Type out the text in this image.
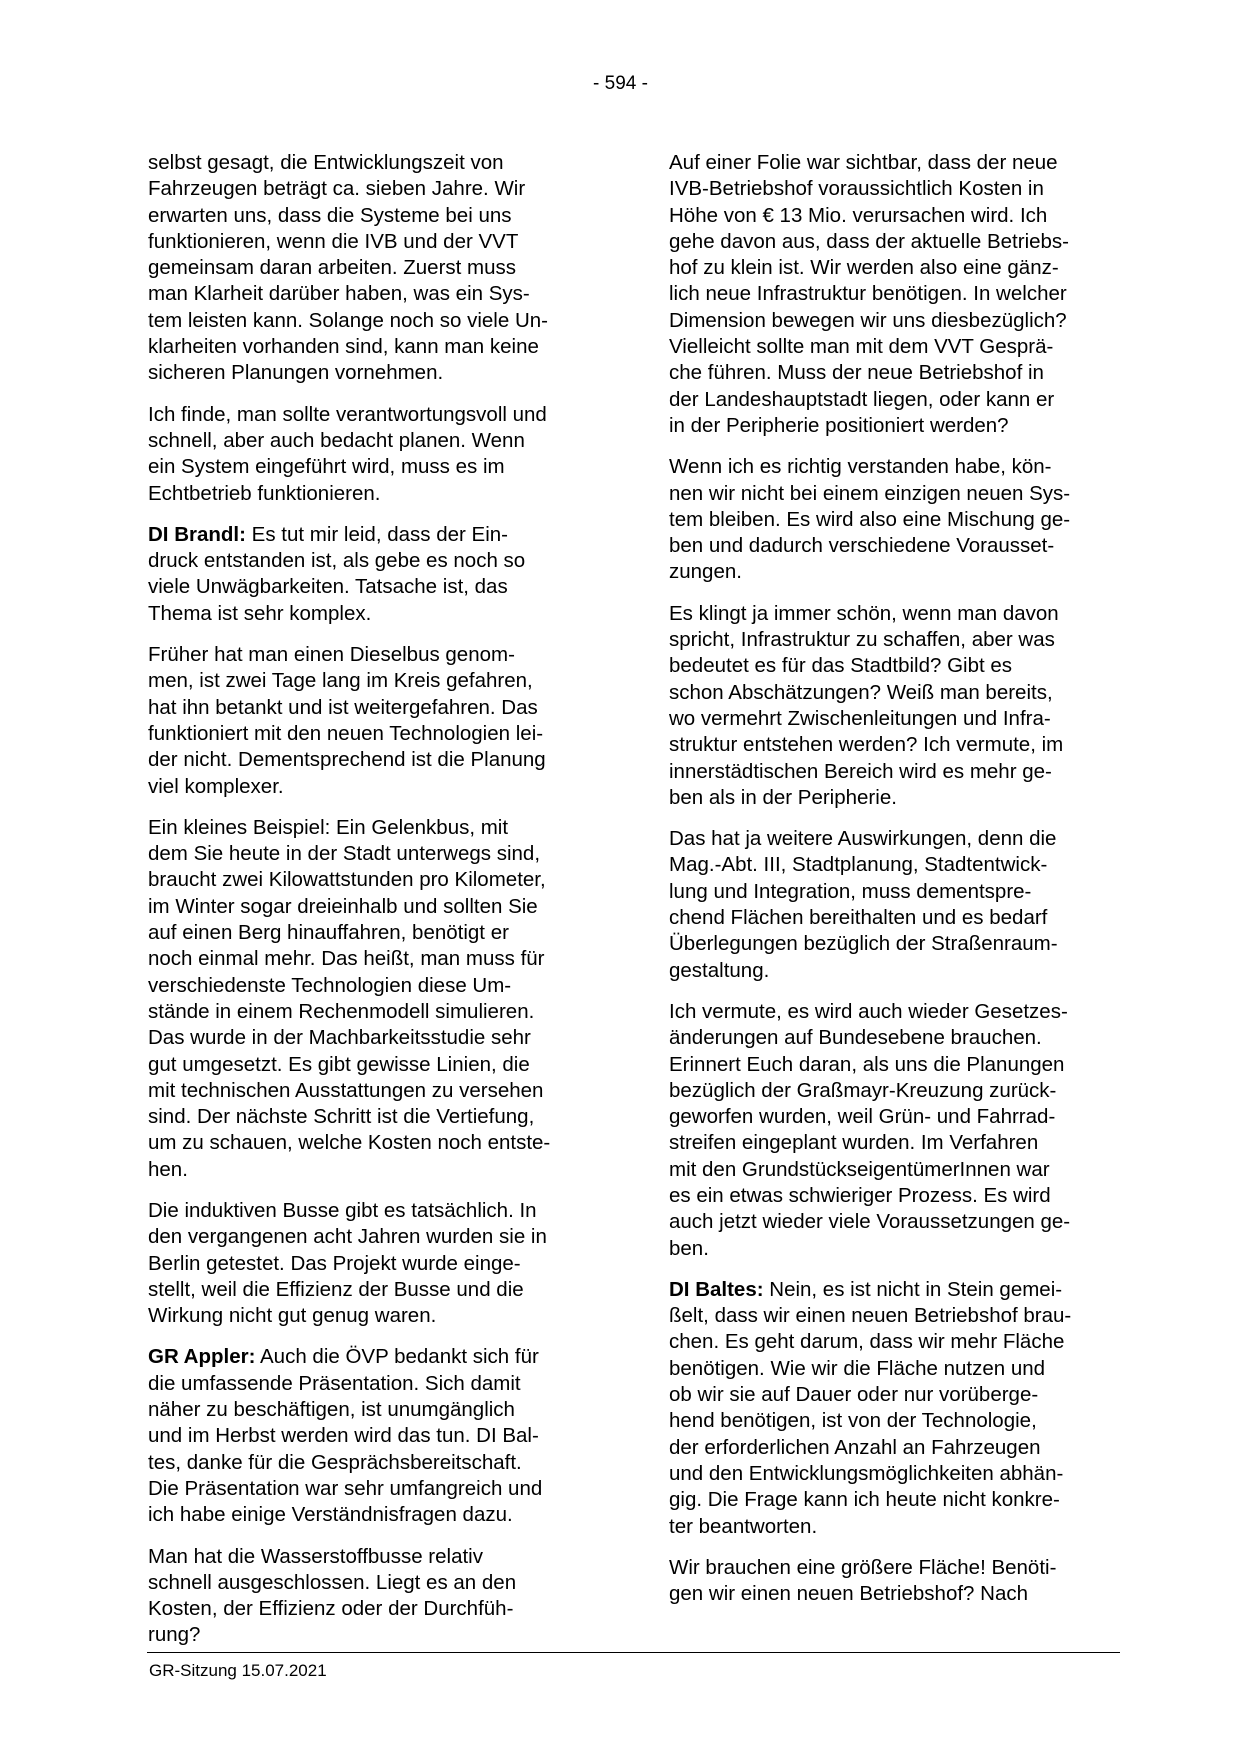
- 594 -

selbst gesagt, die Entwicklungszeit von
Fahrzeugen beträgt ca. sieben Jahre. Wir
erwarten uns, dass die Systeme bei uns
funktionieren, wenn die IVB und der VVT
gemeinsam daran arbeiten. Zuerst muss
man Klarheit darüber haben, was ein Sys-
tem leisten kann. Solange noch so viele Un-
klarheiten vorhanden sind, kann man keine
sicheren Planungen vornehmen.

Ich finde, man sollte verantwortungsvoll und
schnell, aber auch bedacht planen. Wenn
ein System eingeführt wird, muss es im
Echtbetrieb funktionieren.

DI Brandl: Es tut mir leid, dass der Ein-
druck entstanden ist, als gebe es noch so
viele Unwägbarkeiten. Tatsache ist, das
Thema ist sehr komplex.

Früher hat man einen Dieselbus genom-
men, ist zwei Tage lang im Kreis gefahren,
hat ihn betankt und ist weitergefahren. Das
funktioniert mit den neuen Technologien lei-
der nicht. Dementsprechend ist die Planung
viel komplexer.

Ein kleines Beispiel: Ein Gelenkbus, mit
dem Sie heute in der Stadt unterwegs sind,
braucht zwei Kilowattstunden pro Kilometer,
im Winter sogar dreieinhalb und sollten Sie
auf einen Berg hinauffahren, benötigt er
noch einmal mehr. Das heißt, man muss für
verschiedenste Technologien diese Um-
stände in einem Rechenmodell simulieren.
Das wurde in der Machbarkeitsstudie sehr
gut umgesetzt. Es gibt gewisse Linien, die
mit technischen Ausstattungen zu versehen
sind. Der nächste Schritt ist die Vertiefung,
um zu schauen, welche Kosten noch entste-
hen.

Die induktiven Busse gibt es tatsächlich. In
den vergangenen acht Jahren wurden sie in
Berlin getestet. Das Projekt wurde einge-
stellt, weil die Effizienz der Busse und die
Wirkung nicht gut genug waren.

GR Appler: Auch die ÖVP bedankt sich für
die umfassende Präsentation. Sich damit
näher zu beschäftigen, ist unumgänglich
und im Herbst werden wird das tun. DI Bal-
tes, danke für die Gesprächsbereitschaft.
Die Präsentation war sehr umfangreich und
ich habe einige Verständnisfragen dazu.

Man hat die Wasserstoffbusse relativ
schnell ausgeschlossen. Liegt es an den
Kosten, der Effizienz oder der Durchfüh-
rung?

Auf einer Folie war sichtbar, dass der neue
IVB-Betriebshof voraussichtlich Kosten in
Höhe von € 13 Mio. verursachen wird. Ich
gehe davon aus, dass der aktuelle Betriebs-
hof zu klein ist. Wir werden also eine gänz-
lich neue Infrastruktur benötigen. In welcher
Dimension bewegen wir uns diesbezüglich?
Vielleicht sollte man mit dem VVT Gesprä-
che führen. Muss der neue Betriebshof in
der Landeshauptstadt liegen, oder kann er
in der Peripherie positioniert werden?

Wenn ich es richtig verstanden habe, kön-
nen wir nicht bei einem einzigen neuen Sys-
tem bleiben. Es wird also eine Mischung ge-
ben und dadurch verschiedene Vorausset-
zungen.

Es klingt ja immer schön, wenn man davon
spricht, Infrastruktur zu schaffen, aber was
bedeutet es für das Stadtbild? Gibt es
schon Abschätzungen? Weiß man bereits,
wo vermehrt Zwischenleitungen und Infra-
struktur entstehen werden? Ich vermute, im
innerstädtischen Bereich wird es mehr ge-
ben als in der Peripherie.

Das hat ja weitere Auswirkungen, denn die
Mag.-Abt. III, Stadtplanung, Stadtentwick-
lung und Integration, muss dementspre-
chend Flächen bereithalten und es bedarf
Überlegungen bezüglich der Straßenraum-
gestaltung.

Ich vermute, es wird auch wieder Gesetzes-
änderungen auf Bundesebene brauchen.
Erinnert Euch daran, als uns die Planungen
bezüglich der Graßmayr-Kreuzung zurück-
geworfen wurden, weil Grün- und Fahrrad-
streifen eingeplant wurden. Im Verfahren
mit den GrundstückseigentümerInnen war
es ein etwas schwieriger Prozess. Es wird
auch jetzt wieder viele Voraussetzungen ge-
ben.

DI Baltes: Nein, es ist nicht in Stein gemei-
ßelt, dass wir einen neuen Betriebshof brau-
chen. Es geht darum, dass wir mehr Fläche
benötigen. Wie wir die Fläche nutzen und
ob wir sie auf Dauer oder nur vorüberge-
hend benötigen, ist von der Technologie,
der erforderlichen Anzahl an Fahrzeugen
und den Entwicklungsmöglichkeiten abhän-
gig. Die Frage kann ich heute nicht konkre-
ter beantworten.

Wir brauchen eine größere Fläche! Benöti-
gen wir einen neuen Betriebshof? Nach

GR-Sitzung 15.07.2021
